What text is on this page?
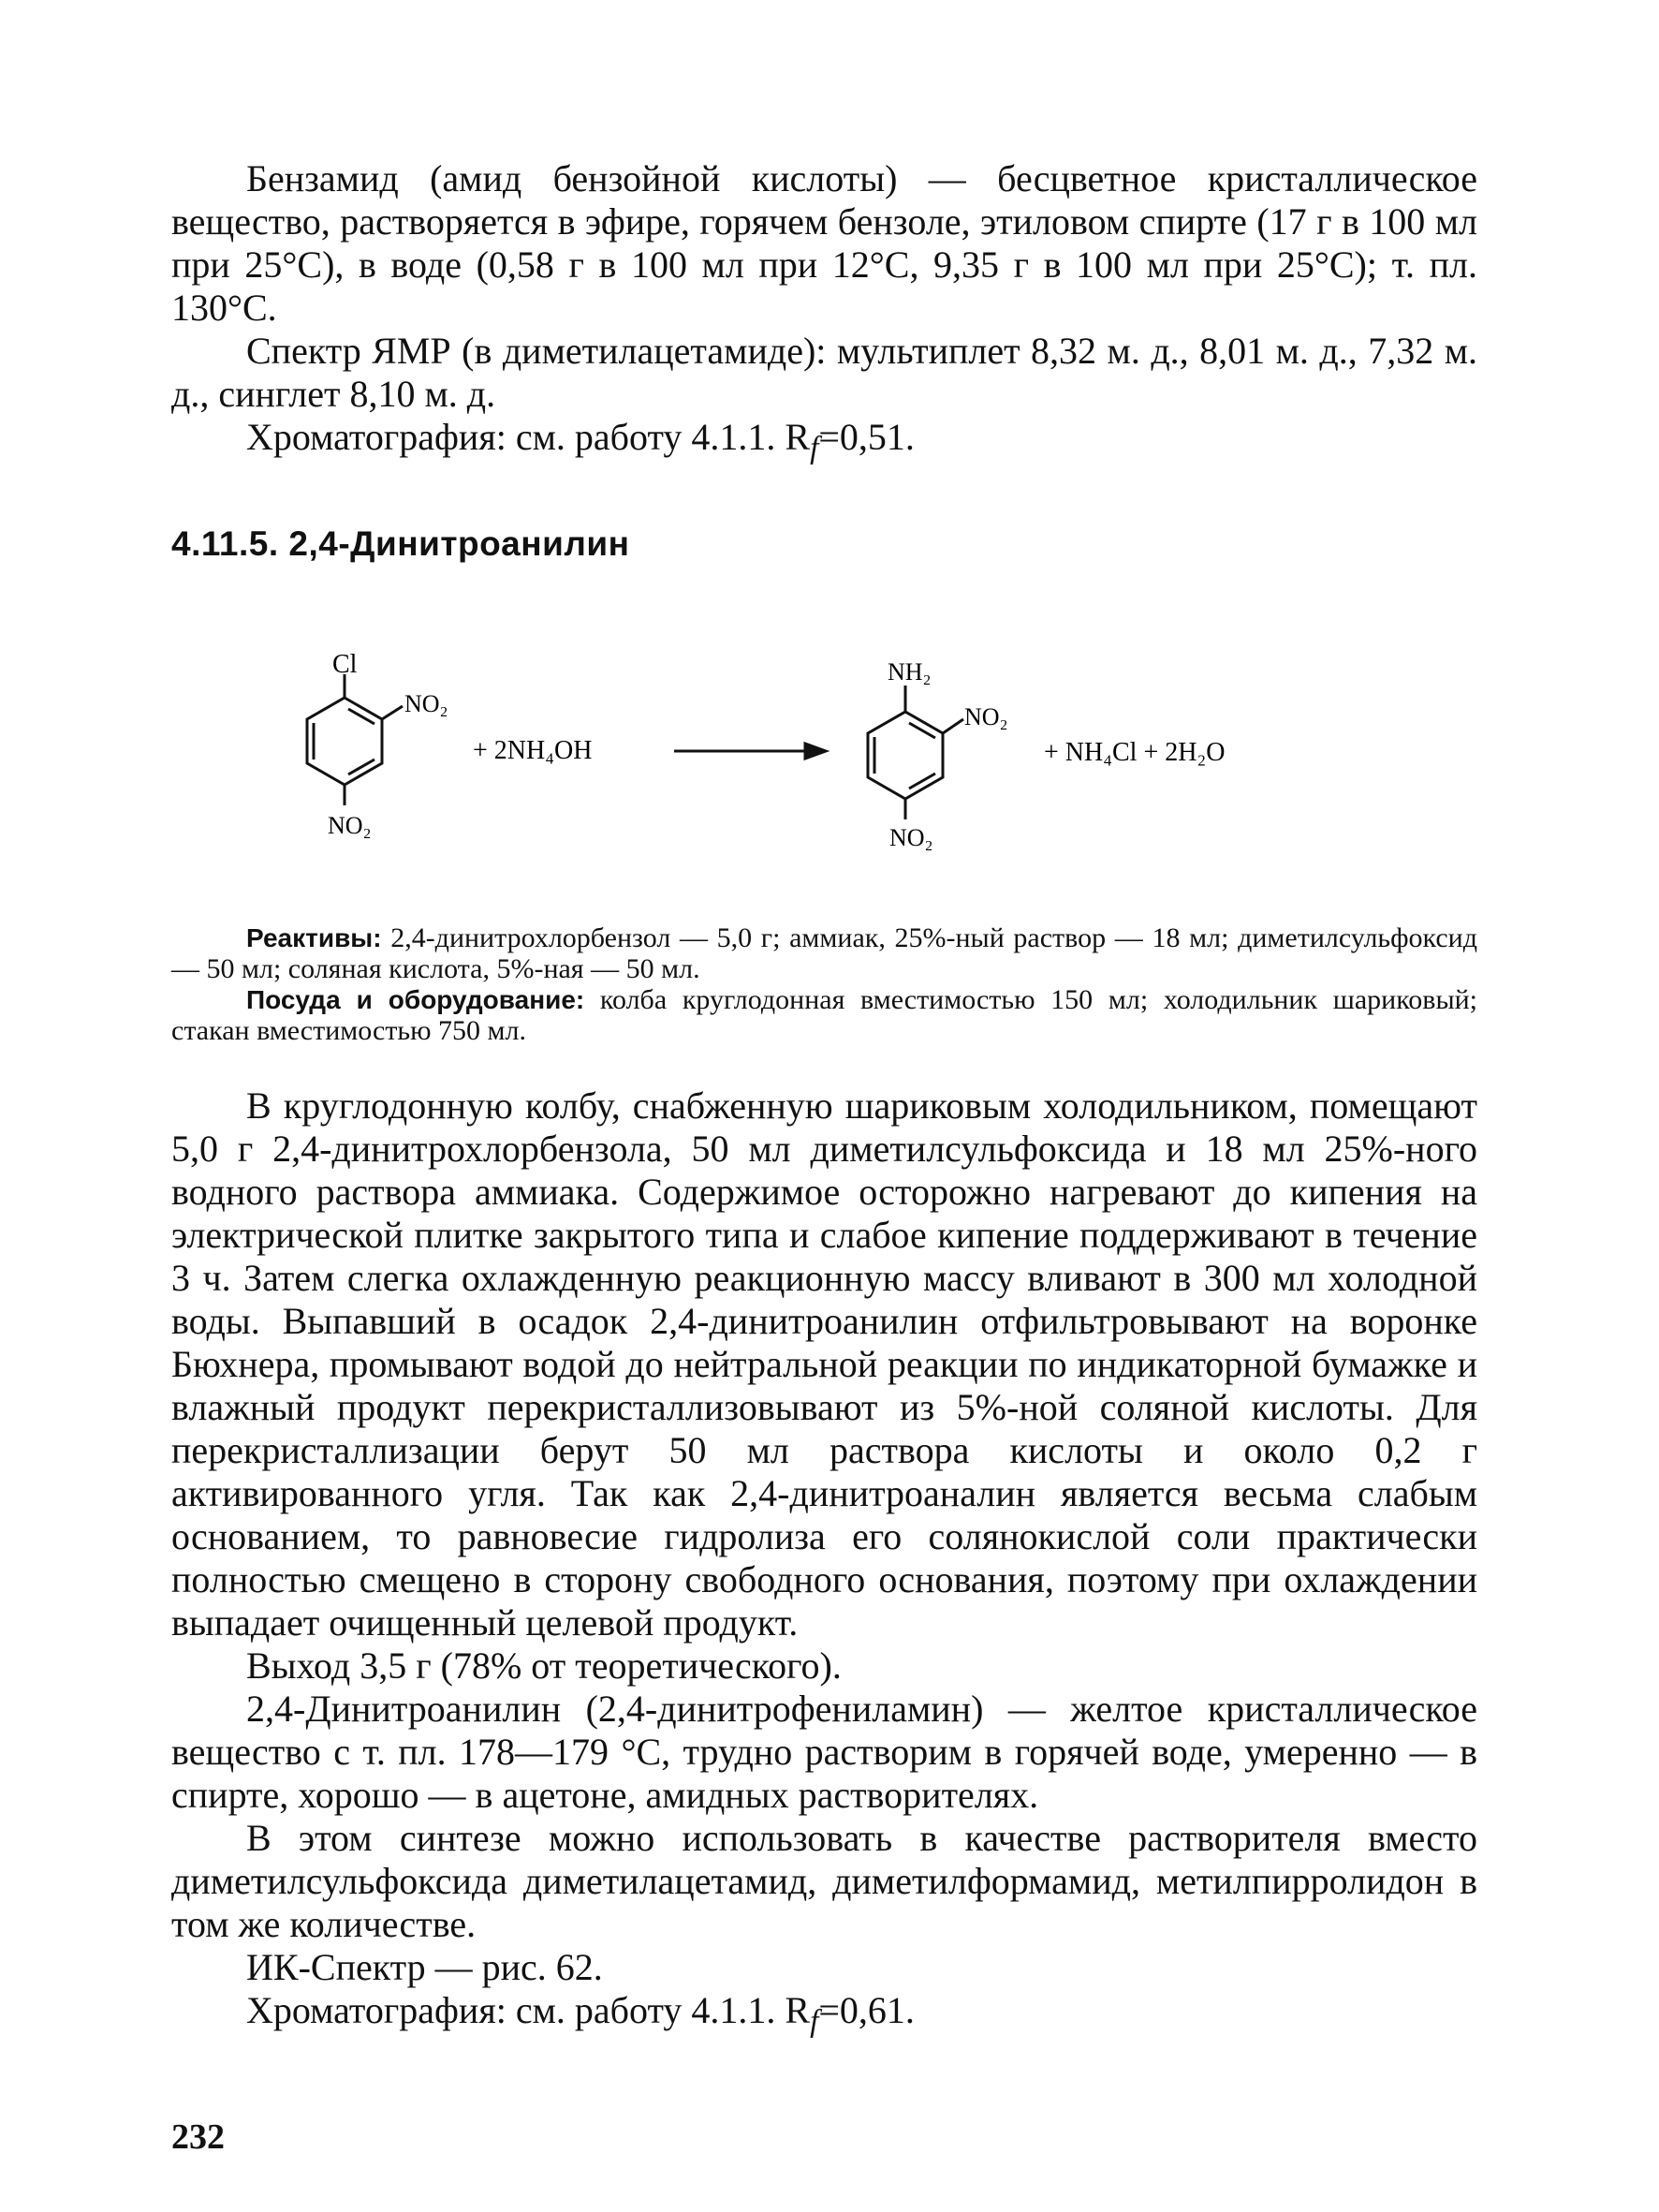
Бензамид (амид бензойной кислоты) — бесцветное кристаллическое вещество, растворяется в эфире, горячем бензоле, этиловом спирте (17 г в 100 мл при 25°С), в воде (0,58 г в 100 мл при 12°С, 9,35 г в 100 мл при 25°С); т. пл. 130°С.

Спектр ЯМР (в диметилацетамиде): мультиплет 8,32 м. д., 8,01 м. д., 7,32 м. д., синглет 8,10 м. д.

Хроматография: см. работу 4.1.1. $R_f=0,51$.

4.11.5. 2,4-Динитроанилин
Cl
NO₂
NO₂
+ 2NH₄OH
NH₂
NO₂
NO₂
+ NH₄Cl + 2H₂O

Реактивы: 2,4-динитрохлорбензол — 5,0 г; аммиак, 25%-ный раствор — 18 мл; диметилсульфоксид — 50 мл; соляная кислота, 5%-ная — 50 мл.

Посуда и оборудование: колба круглодонная вместимостью 150 мл; холодильник шариковый; стакан вместимостью 750 мл.

В круглодонную колбу, снабженную шариковым холодильником, помещают 5,0 г 2,4-динитрохлорбензола, 50 мл диметилсульфоксида и 18 мл 25%-ного водного раствора аммиака. Содержимое осторожно нагревают до кипения на электрической плитке закрытого типа и слабое кипение поддерживают в течение 3 ч. Затем слегка охлажденную реакционную массу вливают в 300 мл холодной воды. Выпавший в осадок 2,4-динитроанилин отфильтровывают на воронке Бюхнера, промывают водой до нейтральной реакции по индикаторной бумажке и влажный продукт перекристаллизовывают из 5%-ной соляной кислоты. Для перекристаллизации берут 50 мл раствора кислоты и около 0,2 г активированного угля. Так как 2,4-динитроаналин является весьма слабым основанием, то равновесие гидролиза его солянокислой соли практически полностью смещено в сторону свободного основания, поэтому при охлаждении выпадает очищенный целевой продукт.

Выход 3,5 г (78% от теоретического).

2,4-Динитроанилин (2,4-динитрофениламин) — желтое кристаллическое вещество с т. пл. 178—179 °С, трудно растворим в горячей воде, умеренно — в спирте, хорошо — в ацетоне, амидных растворителях.

В этом синтезе можно использовать в качестве растворителя вместо диметилсульфоксида диметилацетамид, диметилформамид, метилпирролидон в том же количестве.

ИК-Спектр — рис. 62.

Хроматография: см. работу 4.1.1. $R_f=0,61$.

232
